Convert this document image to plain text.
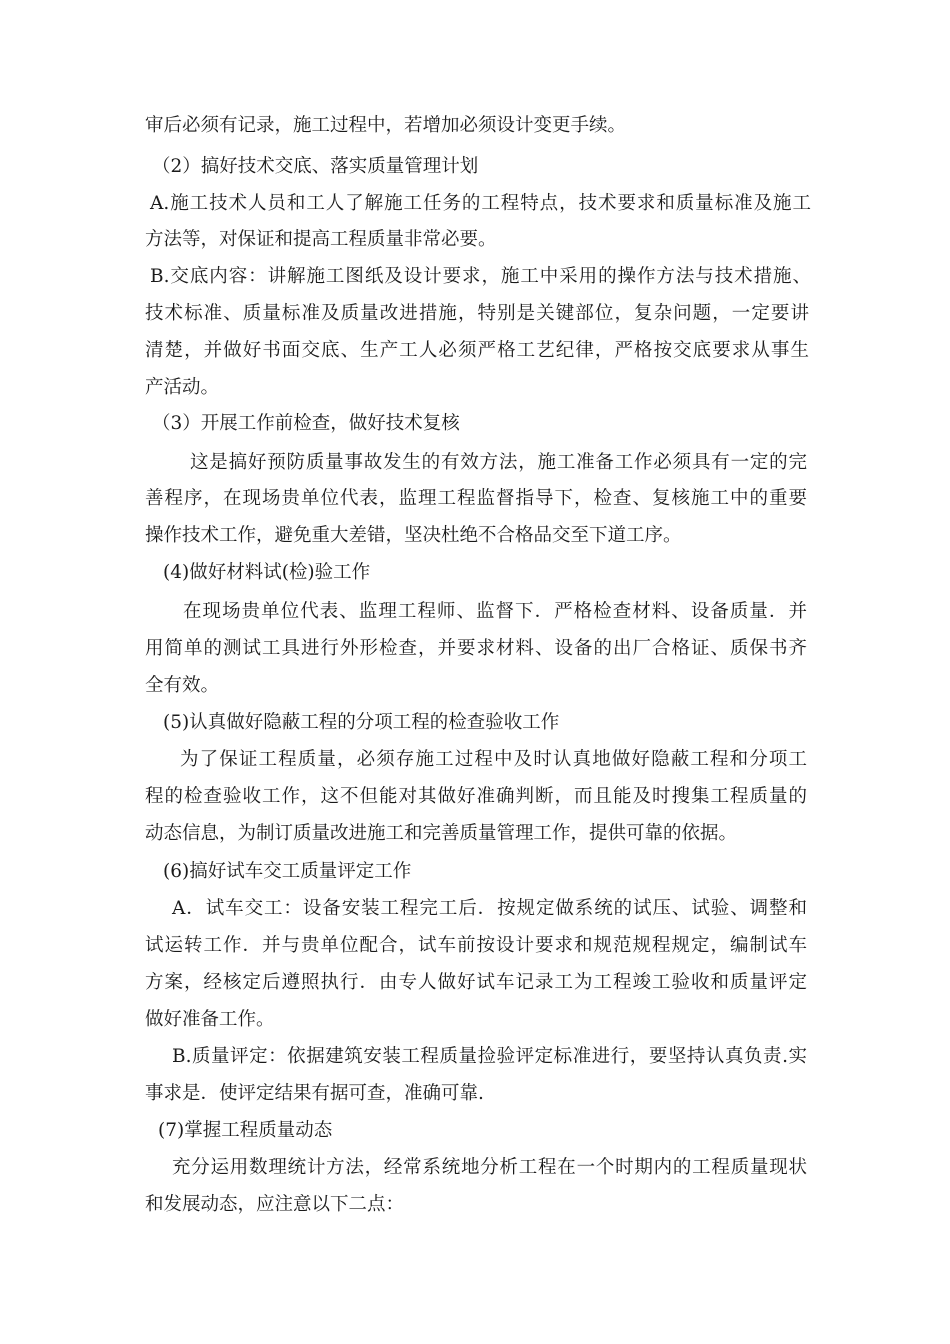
审后必须有记录，施工过程中，若增加必须设计变更手续。
（2）搞好技术交底、落实质量管理计划
A.施工技术人员和工人了解施工任务的工程特点，技术要求和质量标准及施工
方法等，对保证和提高工程质量非常必要。
B.交底内容：讲解施工图纸及设计要求，施工中采用的操作方法与技术措施、
技术标准、质量标准及质量改进措施，特别是关键部位，复杂问题，一定要讲
清楚，并做好书面交底、生产工人必须严格工艺纪律，严格按交底要求从事生
产活动。
（3）开展工作前检查，做好技术复核
这是搞好预防质量事故发生的有效方法，施工准备工作必须具有一定的完
善程序，在现场贵单位代表，监理工程监督指导下，检查、复核施工中的重要
操作技术工作，避免重大差错，坚决杜绝不合格品交至下道工序。
(4)做好材料试(检)验工作
在现场贵单位代表、监理工程师、监督下．严格检查材料、设备质量．并
用简单的测试工具进行外形检查，并要求材料、设备的出厂合格证、质保书齐
全有效。
(5)认真做好隐蔽工程的分项工程的检查验收工作
为了保证工程质量，必须存施工过程中及时认真地做好隐蔽工程和分项工
程的检查验收工作，这不但能对其做好准确判断，而且能及时搜集工程质量的
动态信息，为制订质量改进施工和完善质量管理工作，提供可靠的依据。
(6)搞好试车交工质量评定工作
A．试车交工：设备安装工程完工后．按规定做系统的试压、试验、调整和
试运转工作．并与贵单位配合，试车前按设计要求和规范规程规定，编制试车
方案，经核定后遵照执行．由专人做好试车记录工为工程竣工验收和质量评定
做好准备工作。
B.质量评定：依据建筑安装工程质量捡验评定标准进行，要坚持认真负责.实
事求是．使评定结果有据可查，准确可靠.
(7)掌握工程质量动态
充分运用数理统计方法，经常系统地分析工程在一个时期内的工程质量现状
和发展动态，应注意以下二点：
